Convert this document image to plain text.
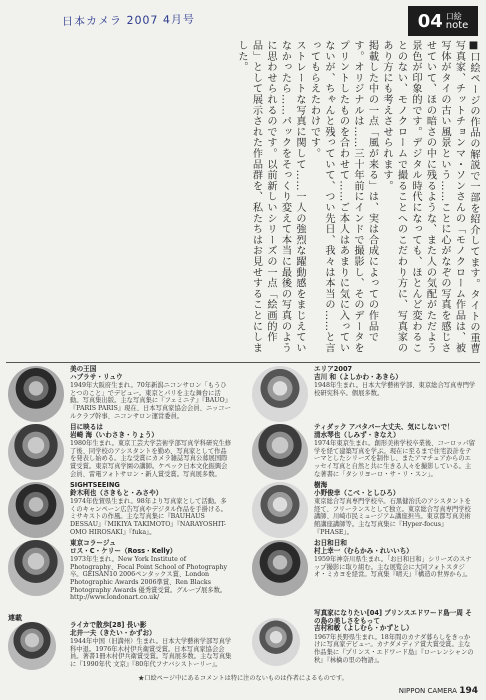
日本カメラ 2007 4月号	04 口絵
note

■口絵ページの作品の解説で一部を紹介してます。タイトの重曹写真家、チットチョンマ・ソンさんの「モノクローム作品は、被写体がタイの古い風景という……ことに心がなぞの写真を感じさせていて、ほの暗さの中に残るような、また人の気配がただよう景色が印象的です。デジタル時代になっても、ほとんど変わることのない、モノクロームで撮ることへのこだわり方に、写真家のあり方にも考えさせられます。

掲載した中の一点「風が来る」は、実は合成によっての作品です。オリジナルは……三十年前にインドで撮影し、そのデータをプリントしたものを合わせて……ご本人はあまりに気に入っていないが、ちゃんと残っていて、つい先日、我々は本当の……と言ってもらえたわけです。

ストレートな写真に関して……一人の強烈な躍動感をまじえていなかったら……パックをそっくり変えて本当に最後の写真のように思わせられるのです。以前新しいシリーズの一点「絵画的作品」として展示された作品群を、私たちはお見せすることにしました。

美の王国
ハブラサ・リュウ
1949年大阪府生まれ。70年新潟ニコンサロン「もうひとつのこと」でデビュー。東京とパリを主な舞台に活動。写真集出版。主な写真集に『フェミニテ』『BAUO』『PARIS PARIS』現在、日本写真家協会会員、ニッコールクラブ幹事、ニコンサロン運営委員。
エリア2007
吉川 和（よしかわ・あきら）
1948年生まれ。日本大学藝術学部、東京総合写真専門学校研究科卒。個展多数。
目に映るは
岩崎 海（いわさき・りょう）
1980年生まれ。東京工芸大学芸術学部写真学科研究生修了後、同学校のアシスタントを勤め、写真家として作品を発表し始める。主な受賞にカメラ雑誌写真公募展国際賞受賞。東京写真学園の講師。ケペック日本文化振興会会員、雷電フォトサロン・新人賞受賞。写真展多数。
ティダック アバタパー大丈夫、気にしないで！
清水琴也（しみず・きなえ）
1974年東京生まれ。創形美術学校卒業後、コーロッパ留学を経て建築写真を学ぶ。現在に至るまで住宅設計をテーマとしたシリーズを制作し、またアマチュアからのエッセイ写真と自然と共に生きる人々を撮影している。主な著書に「タシリヨーロ・サ・リ・スン」。
SIGHTSEEING
鈴木利也（さきもと・みさや）
1974年佐賀県生まれ。98年より写真家として活動。多くのキャンペーン広告写真やデジタル作品を手掛ける。ミサキストの作風。主な写真集に『BAUHAUS DESSAU』『MIKIYA TAKIMOTO』『NARAYOSHIT-OMO HIROSAKI』『fuka』。
樹海
小野俊幸（こべ・としひろ）
東京総合写真専門学校卒。石黒健治氏のアシスタントを経て、フリーランスとして独立。東京総合写真専門学校講師、川崎市民ミュージアム講座担当。東京都写真美術館講座講師等。主な写真集に『Hyper-focus』『PHASE』。
東京コラージュ
ロス・C・ケリー（Ross・Kelly）
1973年生まれ。New York Institute of Photography、Focal Point School of Photography卒。GEISAN10 2006ペンタックス賞、London Photographic Awards 2006準賞、Ren Blacks Photography Awards 優秀賞受賞。グループ展多数。http://www.londonart.co.uk/
お日和日和
村上幸一（むらかみ・れいいち）
1959年神奈川県生まれ。「お日和日和」シリーズのスナップ撮影に取り組む。主な展覧会に大同フォトスタジオ・ミカヨを経営。写真集『晴天』『構造の世界から』。
連載
ライカで散歩[28] 長い影
北井一夫（きたい・かずお）
1944年中国（旧満州）生まれ。日本大学藝術学部写真学科中退。1976年木村伊兵衛賞受賞。日本写真家協会会員。著書1冊木村伊兵衛賞受賞。写真展多数。主な写真集に『1990年代 文京』『80年代フナバシストーリー』。
写真家になりたい[04] プリンスエドワード島一周 その島の美しさをもって
吉村和敏（よしむら・かずとし）
1967年長野県生まれ。18年間のカナダ暮らしをきっかけに写真家デビュー。カナダメディア賞大賞受賞。主な作品集に『プリンス・エドワード島』『ローレンシャンの秋』『林檎の里の物語』。
★口絵ページ中にあるコメントは特に注のないものは作者によるものです。
NIPPON CAMERA 194
